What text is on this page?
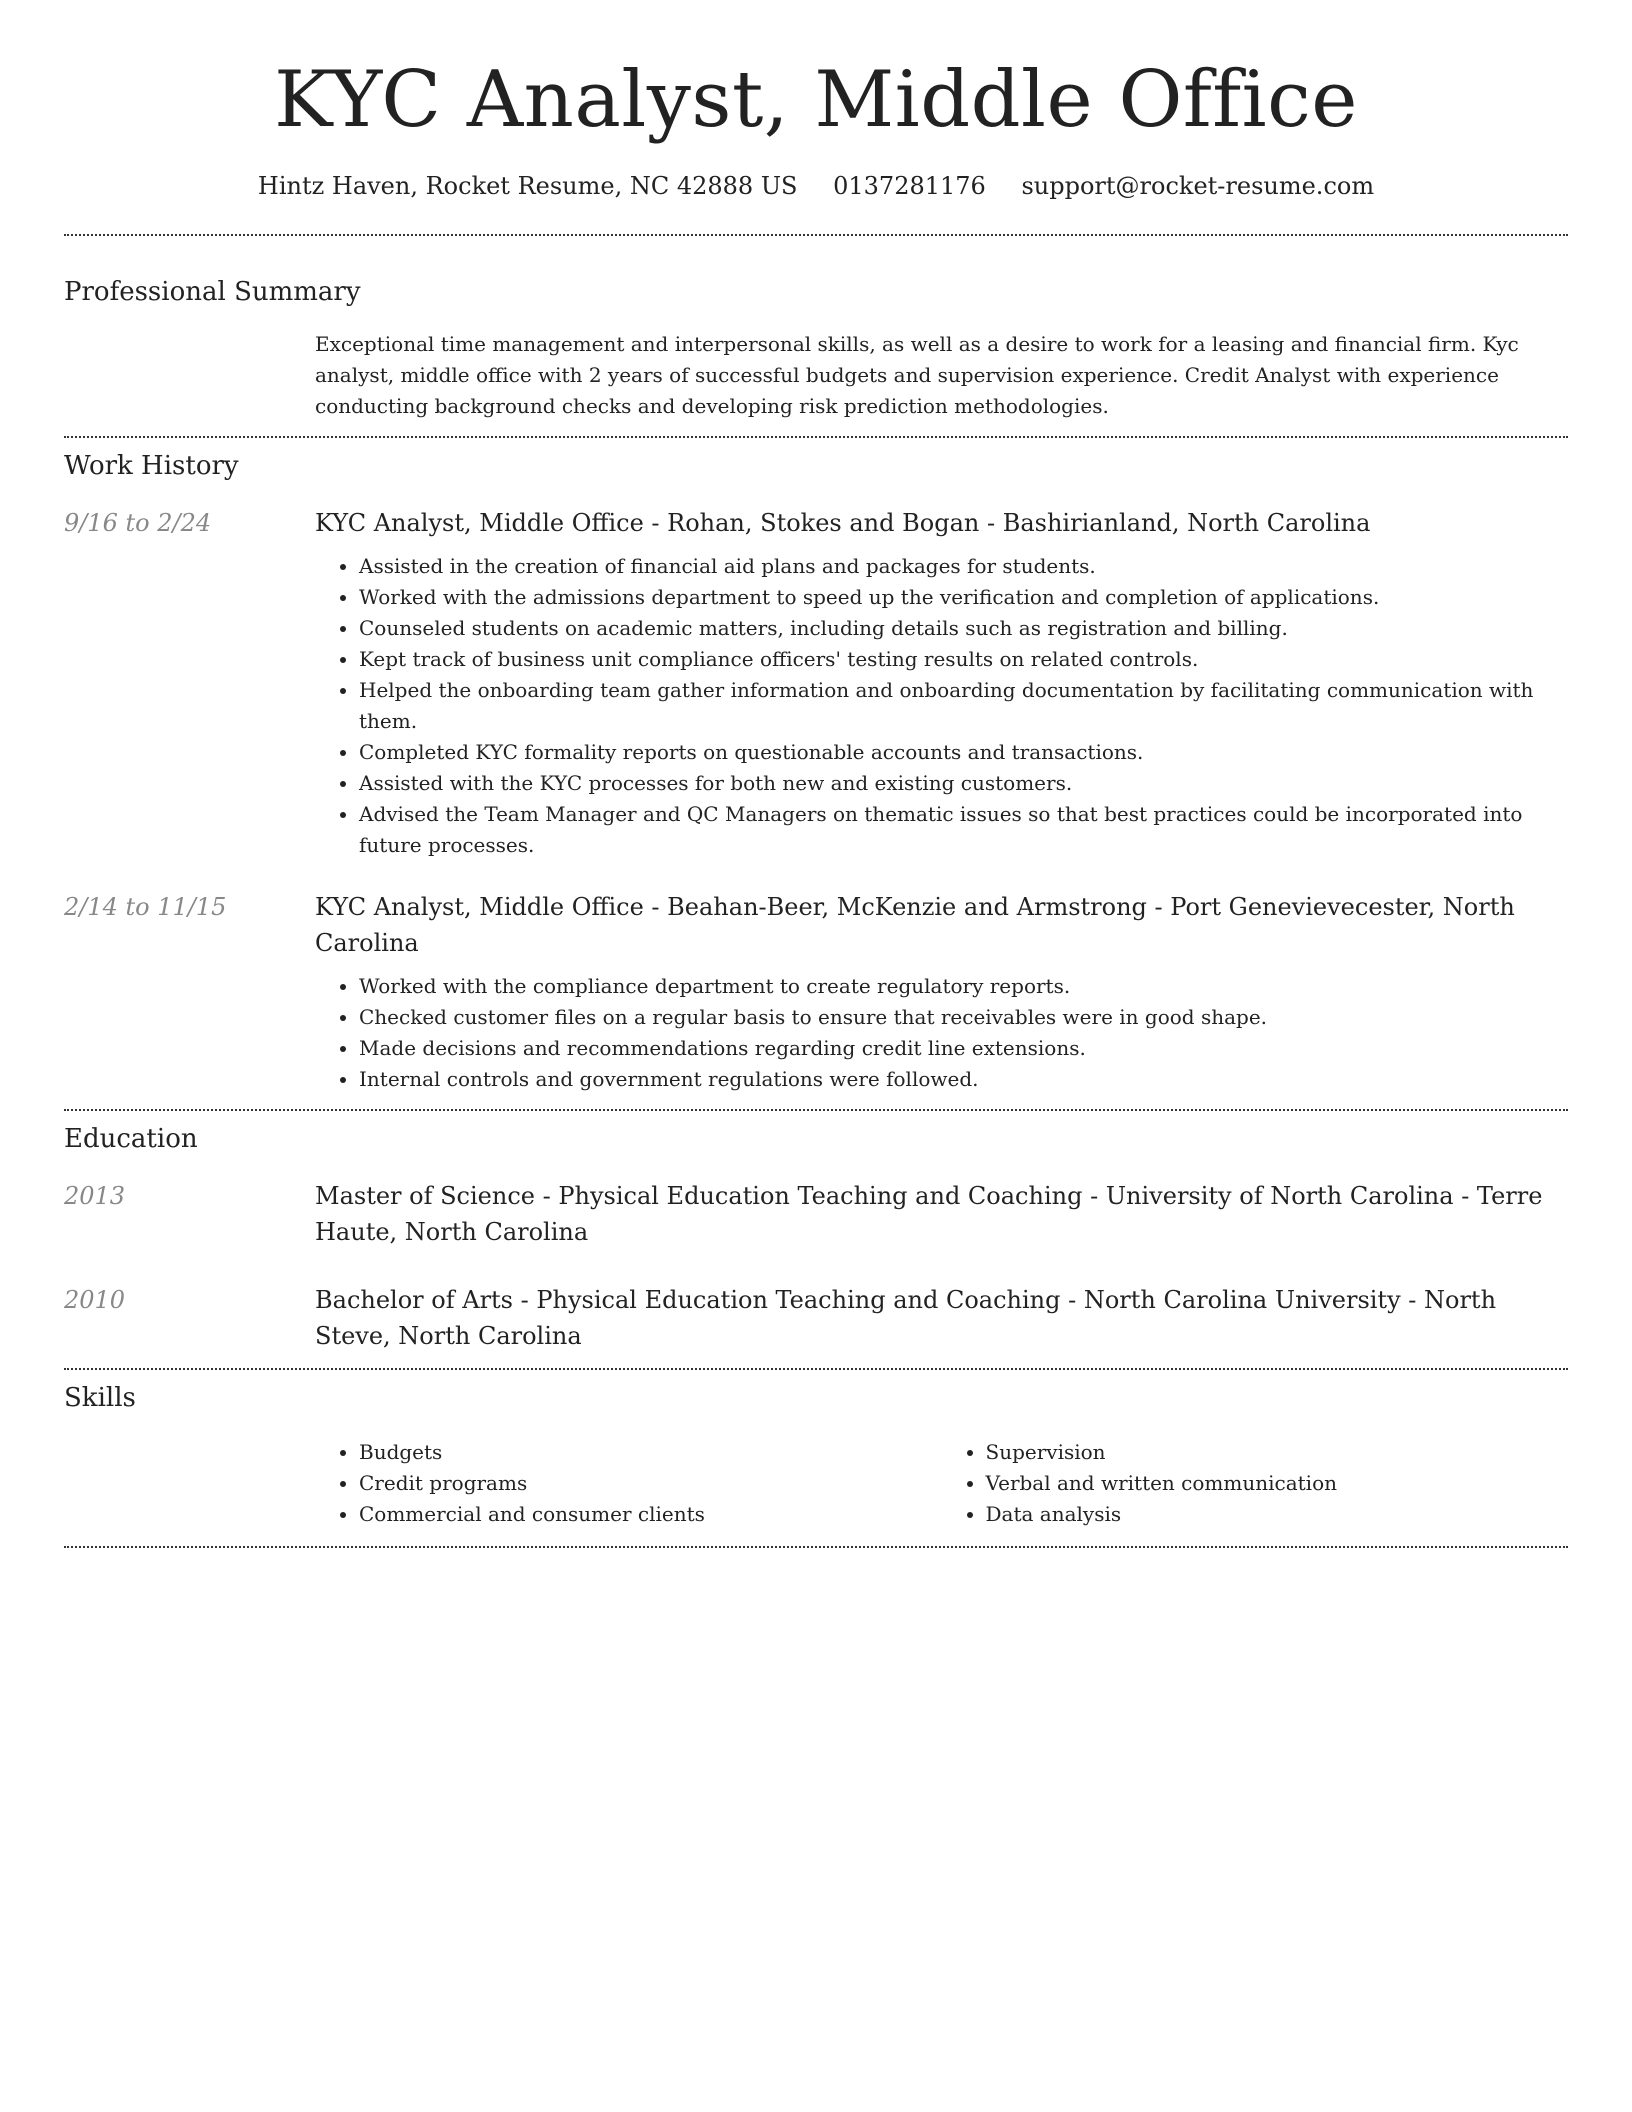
KYC Analyst, Middle Office
Hintz Haven, Rocket Resume, NC 42888 US 0137281176 support@rocket-resume.com
Professional Summary
Exceptional time management and interpersonal skills, as well as a desire to work for a leasing and financial firm. Kyc analyst, middle office with 2 years of successful budgets and supervision experience. Credit Analyst with experience conducting background checks and developing risk prediction methodologies.
Work History
9/16 to 2/24	KYC Analyst, Middle Office - Rohan, Stokes and Bogan - Bashirianland, North Carolina
• Assisted in the creation of financial aid plans and packages for students.
• Worked with the admissions department to speed up the verification and completion of applications.
• Counseled students on academic matters, including details such as registration and billing.
• Kept track of business unit compliance officers' testing results on related controls.
• Helped the onboarding team gather information and onboarding documentation by facilitating communication with them.
• Completed KYC formality reports on questionable accounts and transactions.
• Assisted with the KYC processes for both new and existing customers.
• Advised the Team Manager and QC Managers on thematic issues so that best practices could be incorporated into future processes.
2/14 to 11/15	KYC Analyst, Middle Office - Beahan-Beer, McKenzie and Armstrong - Port Genevievecester, North Carolina
• Worked with the compliance department to create regulatory reports.
• Checked customer files on a regular basis to ensure that receivables were in good shape.
• Made decisions and recommendations regarding credit line extensions.
• Internal controls and government regulations were followed.
Education
2013	Master of Science - Physical Education Teaching and Coaching - University of North Carolina - Terre Haute, North Carolina
2010	Bachelor of Arts - Physical Education Teaching and Coaching - North Carolina University - North Steve, North Carolina
Skills
• Budgets
• Credit programs
• Commercial and consumer clients
• Supervision
• Verbal and written communication
• Data analysis
